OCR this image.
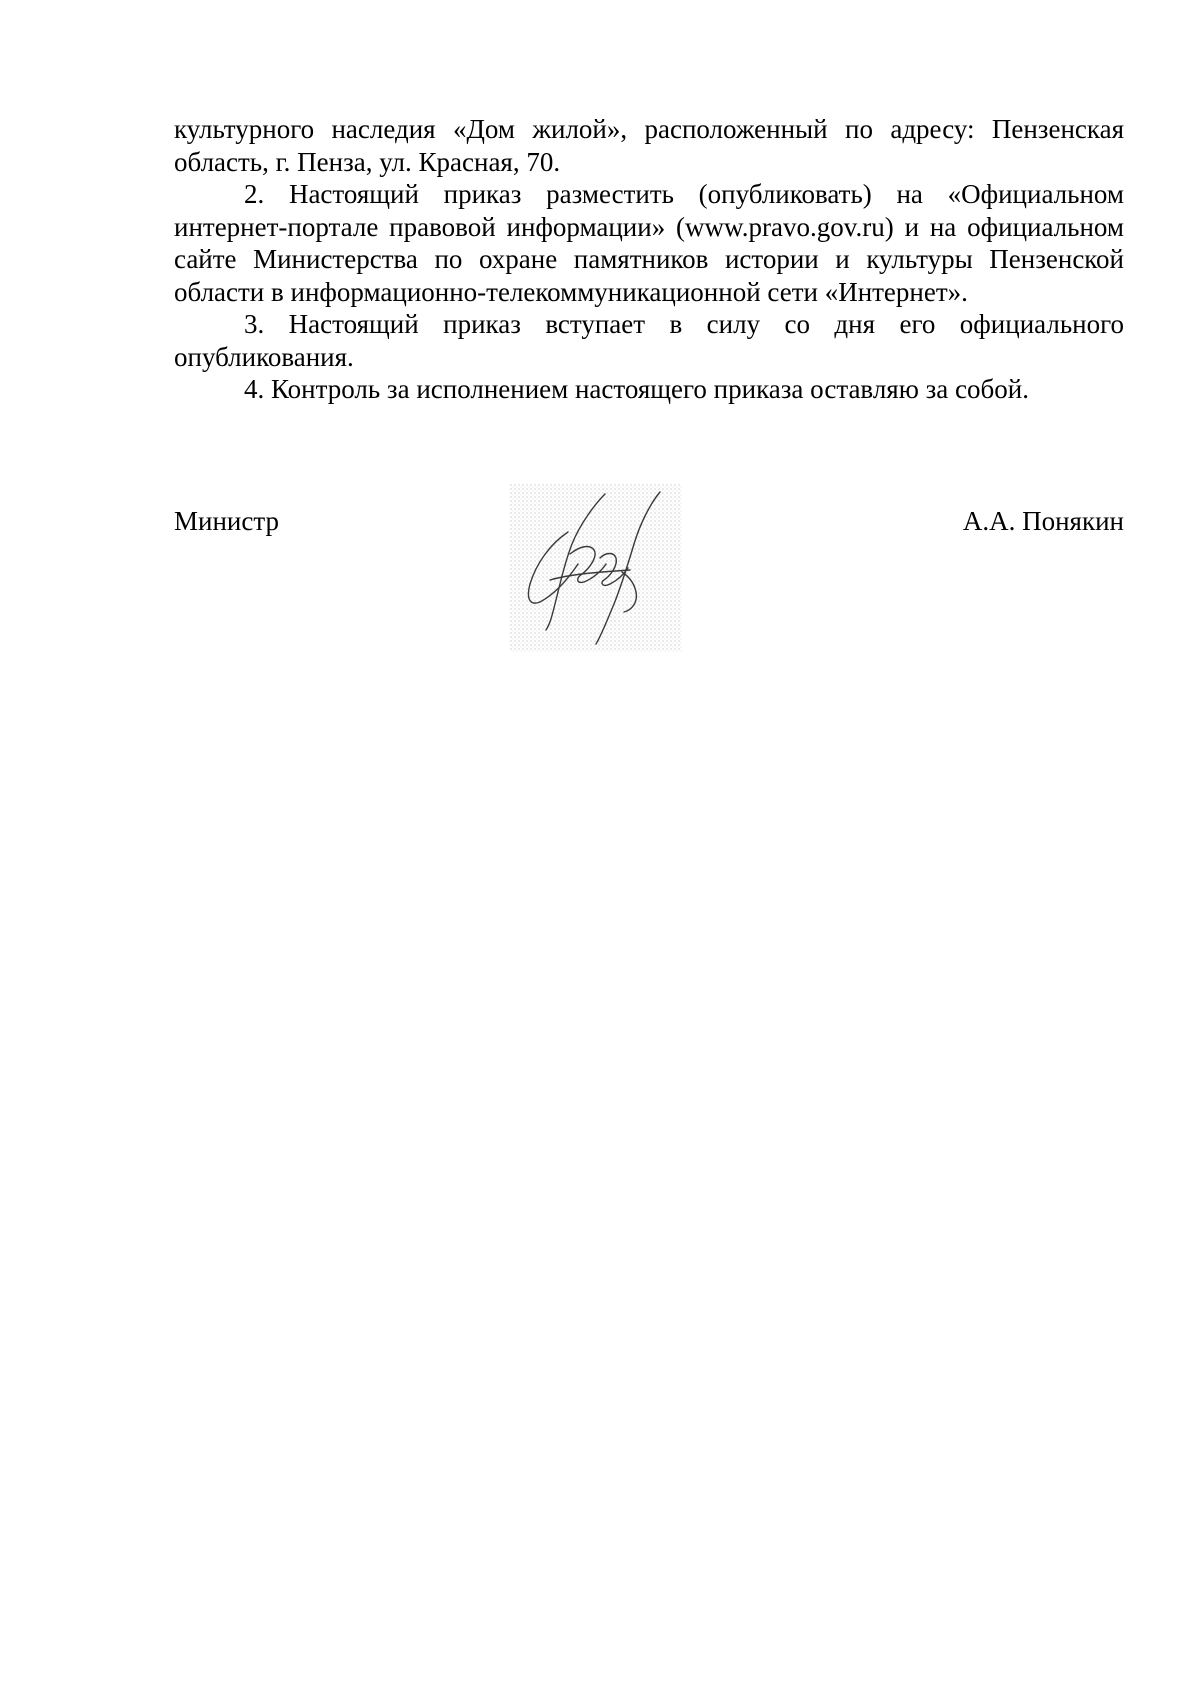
культурного наследия «Дом жилой», расположенный по адресу: Пензенская область, г. Пенза, ул. Красная, 70.

2. Настоящий приказ разместить (опубликовать) на «Официальном интернет-портале правовой информации» (www.pravo.gov.ru) и на официальном сайте Министерства по охране памятников истории и культуры Пензенской области в информационно-телекоммуникационной сети «Интернет».

3. Настоящий приказ вступает в силу со дня его официального опубликования.

4. Контроль за исполнением настоящего приказа оставляю за собой.

Министр	А.А. Понякин
